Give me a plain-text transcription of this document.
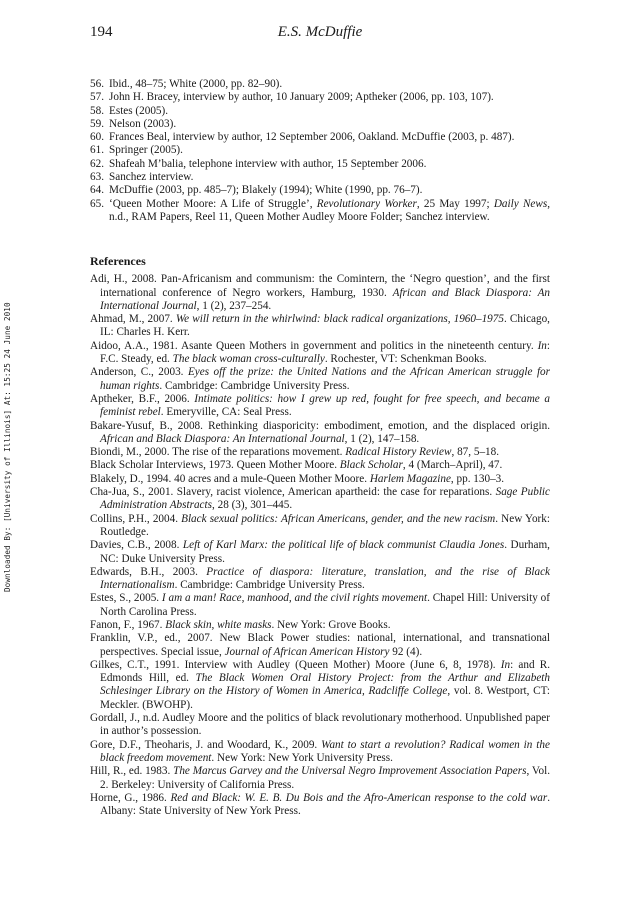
Downloaded By: [University of Illinois] At: 15:25 24 June 2010
194	E.S. McDuffie
56. Ibid., 48–75; White (2000, pp. 82–90).
57. John H. Bracey, interview by author, 10 January 2009; Aptheker (2006, pp. 103, 107).
58. Estes (2005).
59. Nelson (2003).
60. Frances Beal, interview by author, 12 September 2006, Oakland. McDuffie (2003, p. 487).
61. Springer (2005).
62. Shafeah M’balia, telephone interview with author, 15 September 2006.
63. Sanchez interview.
64. McDuffie (2003, pp. 485–7); Blakely (1994); White (1990, pp. 76–7).
65. ‘Queen Mother Moore: A Life of Struggle’, Revolutionary Worker, 25 May 1997; Daily News, n.d., RAM Papers, Reel 11, Queen Mother Audley Moore Folder; Sanchez interview.
References
Adi, H., 2008. Pan-Africanism and communism: the Comintern, the ‘Negro question’, and the first international conference of Negro workers, Hamburg, 1930. African and Black Diaspora: An International Journal, 1 (2), 237–254.
Ahmad, M., 2007. We will return in the whirlwind: black radical organizations, 1960–1975. Chicago, IL: Charles H. Kerr.
Aidoo, A.A., 1981. Asante Queen Mothers in government and politics in the nineteenth century. In: F.C. Steady, ed. The black woman cross-culturally. Rochester, VT: Schenkman Books.
Anderson, C., 2003. Eyes off the prize: the United Nations and the African American struggle for human rights. Cambridge: Cambridge University Press.
Aptheker, B.F., 2006. Intimate politics: how I grew up red, fought for free speech, and became a feminist rebel. Emeryville, CA: Seal Press.
Bakare-Yusuf, B., 2008. Rethinking diasporicity: embodiment, emotion, and the displaced origin. African and Black Diaspora: An International Journal, 1 (2), 147–158.
Biondi, M., 2000. The rise of the reparations movement. Radical History Review, 87, 5–18.
Black Scholar Interviews, 1973. Queen Mother Moore. Black Scholar, 4 (March–April), 47.
Blakely, D., 1994. 40 acres and a mule-Queen Mother Moore. Harlem Magazine, pp. 130–3.
Cha-Jua, S., 2001. Slavery, racist violence, American apartheid: the case for reparations. Sage Public Administration Abstracts, 28 (3), 301–445.
Collins, P.H., 2004. Black sexual politics: African Americans, gender, and the new racism. New York: Routledge.
Davies, C.B., 2008. Left of Karl Marx: the political life of black communist Claudia Jones. Durham, NC: Duke University Press.
Edwards, B.H., 2003. Practice of diaspora: literature, translation, and the rise of Black Internationalism. Cambridge: Cambridge University Press.
Estes, S., 2005. I am a man! Race, manhood, and the civil rights movement. Chapel Hill: University of North Carolina Press.
Fanon, F., 1967. Black skin, white masks. New York: Grove Books.
Franklin, V.P., ed., 2007. New Black Power studies: national, international, and transnational perspectives. Special issue, Journal of African American History 92 (4).
Gilkes, C.T., 1991. Interview with Audley (Queen Mother) Moore (June 6, 8, 1978). In: and R. Edmonds Hill, ed. The Black Women Oral History Project: from the Arthur and Elizabeth Schlesinger Library on the History of Women in America, Radcliffe College, vol. 8. Westport, CT: Meckler. (BWOHP).
Gordall, J., n.d. Audley Moore and the politics of black revolutionary motherhood. Unpublished paper in author’s possession.
Gore, D.F., Theoharis, J. and Woodard, K., 2009. Want to start a revolution? Radical women in the black freedom movement. New York: New York University Press.
Hill, R., ed. 1983. The Marcus Garvey and the Universal Negro Improvement Association Papers, Vol. 2. Berkeley: University of California Press.
Horne, G., 1986. Red and Black: W. E. B. Du Bois and the Afro-American response to the cold war. Albany: State University of New York Press.
